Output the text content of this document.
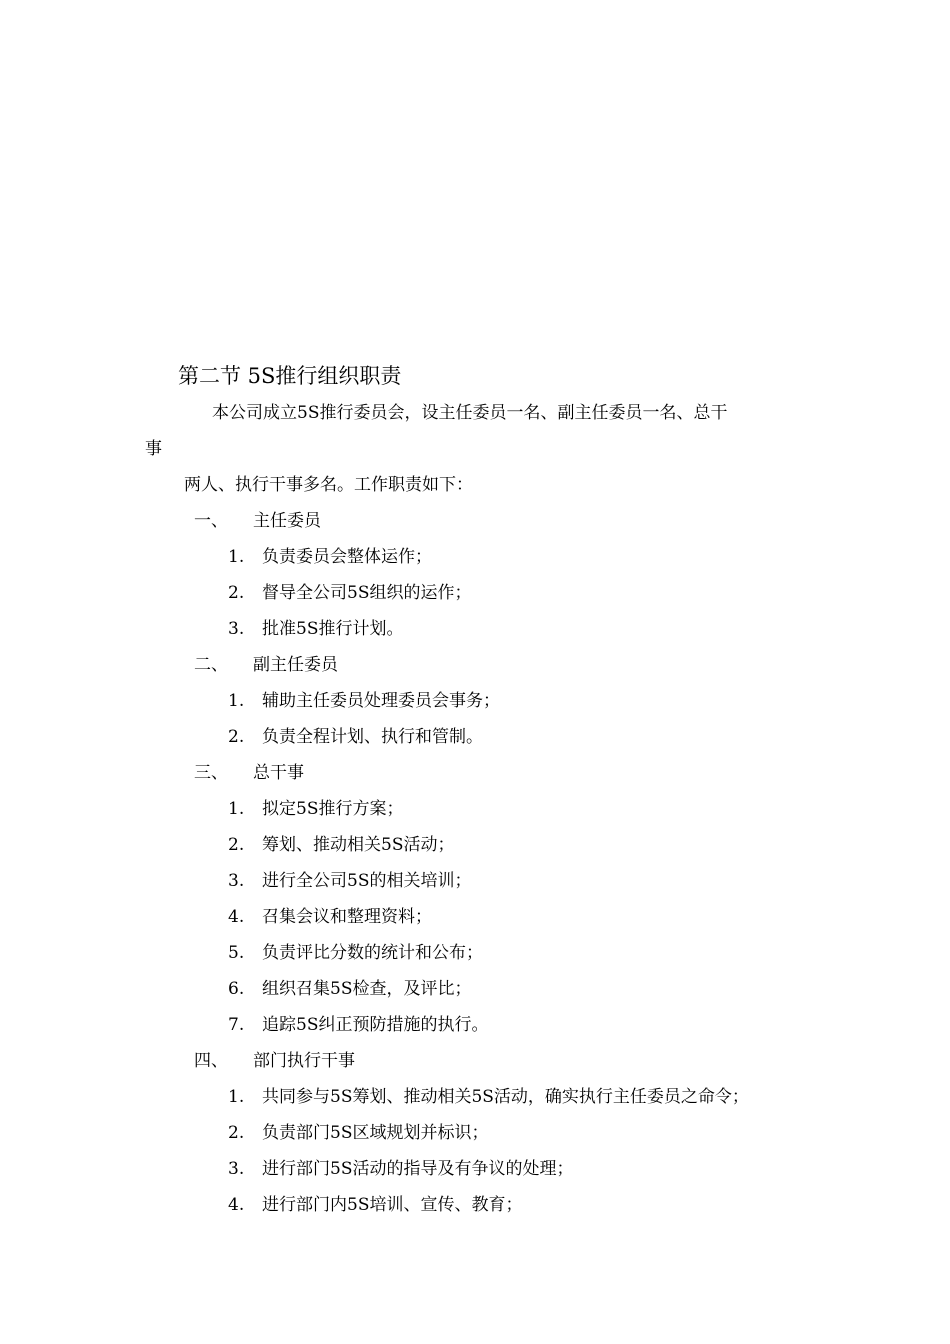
第二节 5S推行组织职责
本公司成立5S推行委员会，设主任委员一名、副主任委员一名、总干
事
两人、执行干事多名。工作职责如下：
一、 主任委员
1. 负责委员会整体运作；
2. 督导全公司5S组织的运作；
3. 批准5S推行计划。
二、 副主任委员
1. 辅助主任委员处理委员会事务；
2. 负责全程计划、执行和管制。
三、 总干事
1. 拟定5S推行方案；
2. 筹划、推动相关5S活动；
3. 进行全公司5S的相关培训；
4. 召集会议和整理资料；
5. 负责评比分数的统计和公布；
6. 组织召集5S检查，及评比；
7. 追踪5S纠正预防措施的执行。
四、 部门执行干事
1. 共同参与5S筹划、推动相关5S活动，确实执行主任委员之命令；
2. 负责部门5S区域规划并标识；
3. 进行部门5S活动的指导及有争议的处理；
4. 进行部门内5S培训、宣传、教育；
